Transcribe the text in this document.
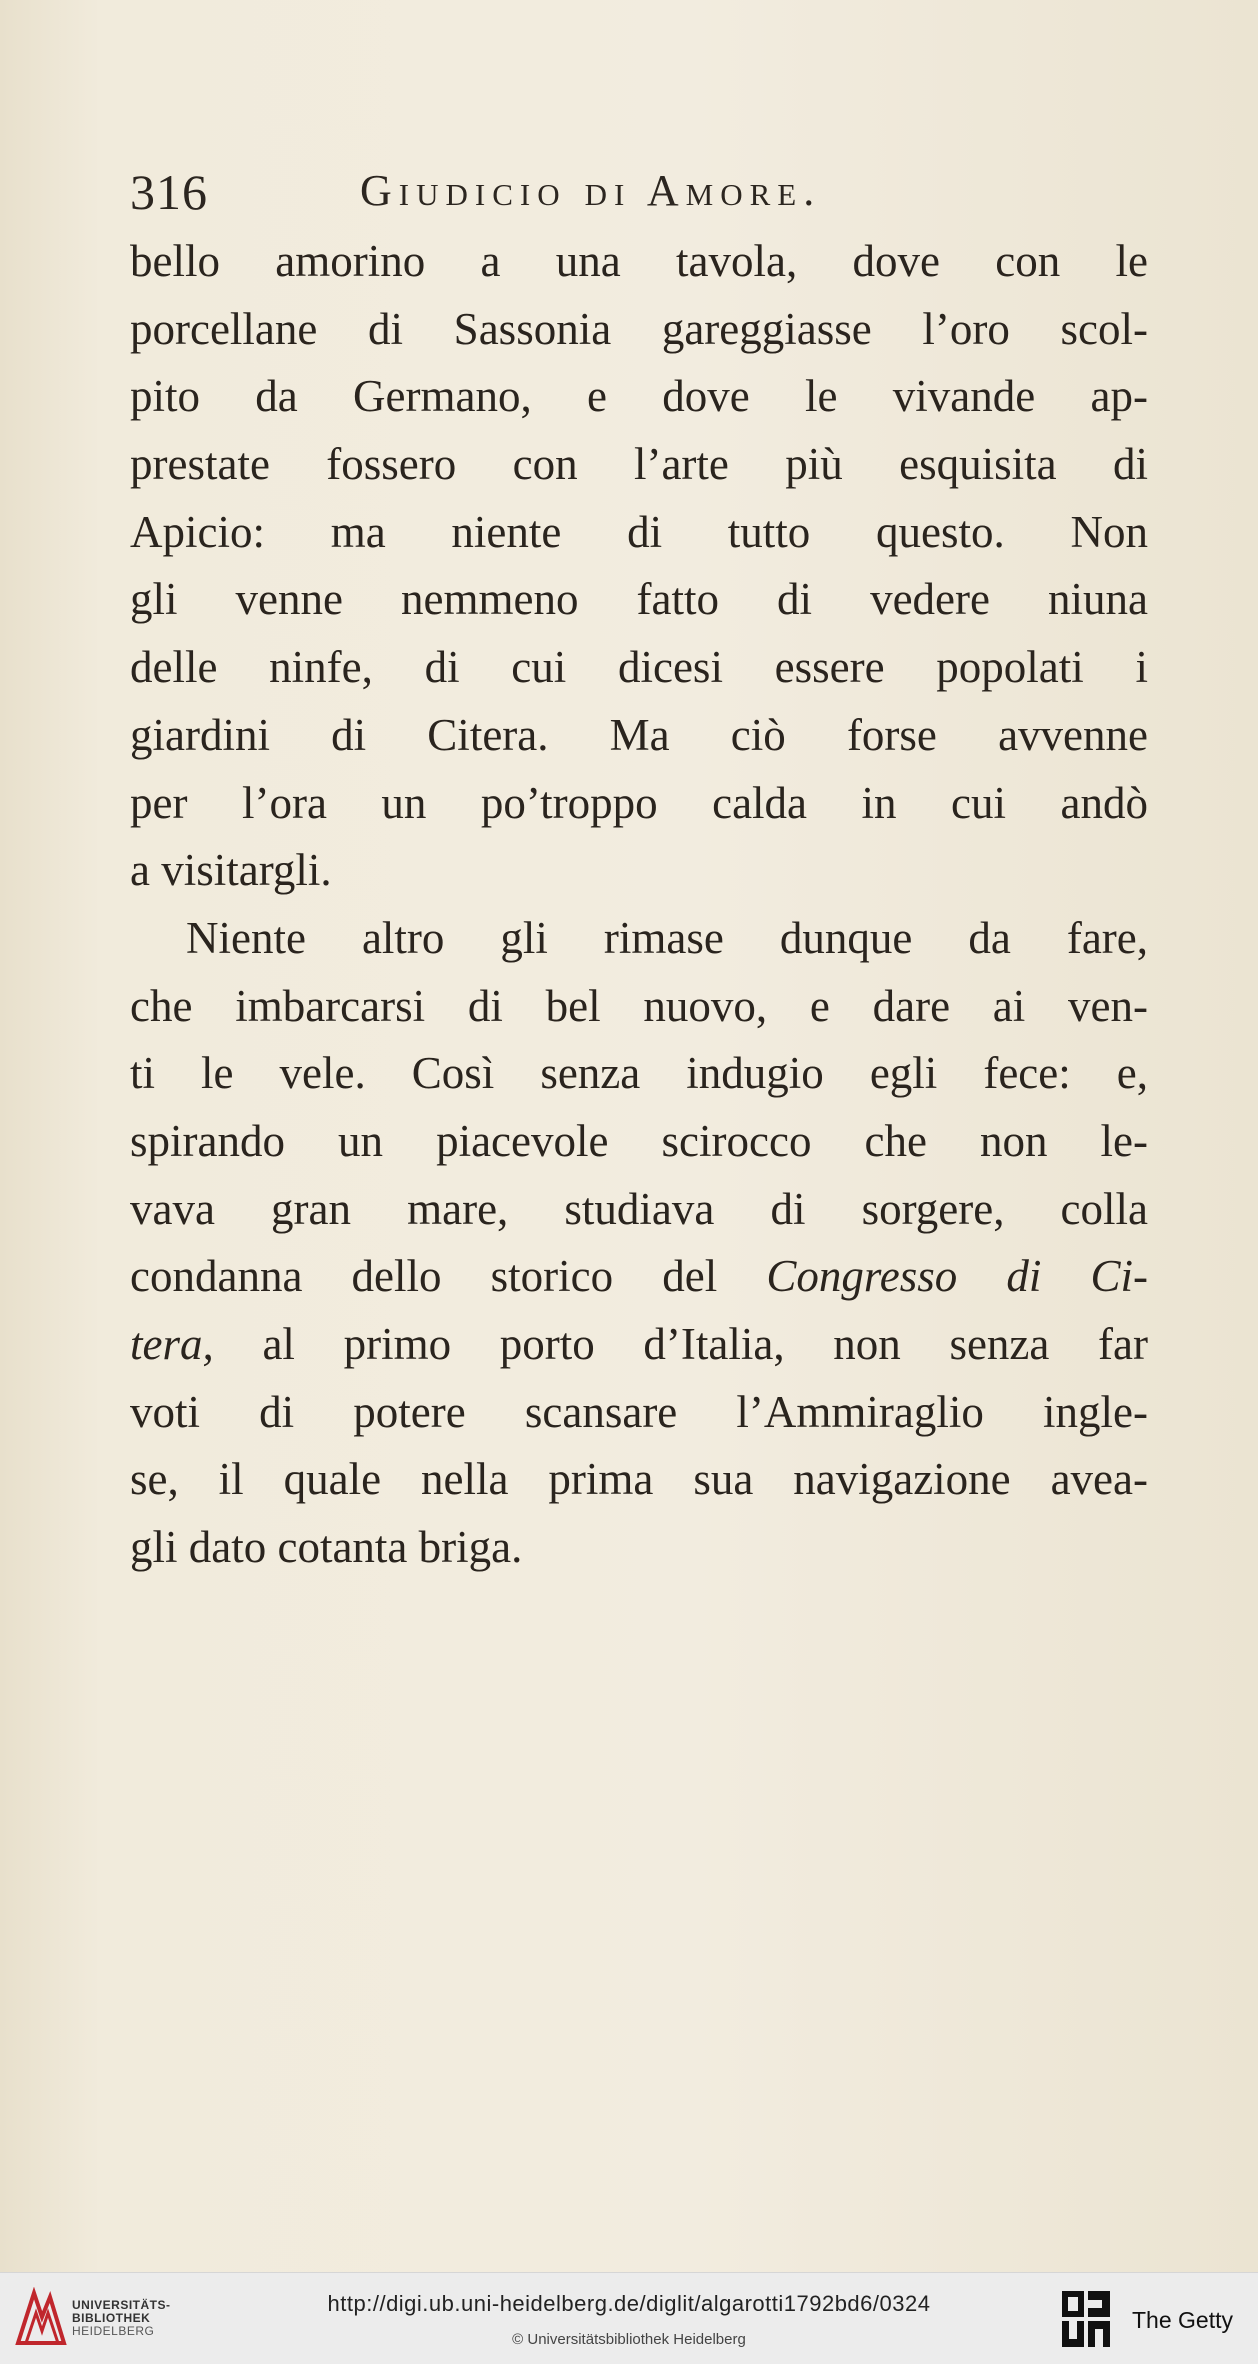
316	Giudicio di Amore.
bello amorino a una tavola, dove con le
porcellane di Sassonia gareggiasse l’oro scol-
pito da Germano, e dove le vivande ap-
prestate fossero con l’arte più esquisita di
Apicio: ma niente di tutto questo. Non
gli venne nemmeno fatto di vedere niuna
delle ninfe, di cui dicesi essere popolati i
giardini di Citera. Ma ciò forse avvenne
per l’ora un po’troppo calda in cui andò
a visitargli.
Niente altro gli rimase dunque da fare,
che imbarcarsi di bel nuovo, e dare ai ven-
ti le vele. Così senza indugio egli fece: e,
spirando un piacevole scirocco che non le-
vava gran mare, studiava di sorgere, colla
condanna dello storico del Congresso di Ci-
tera, al primo porto d’Italia, non senza far
voti di potere scansare l’Ammiraglio ingle-
se, il quale nella prima sua navigazione avea-
gli dato cotanta briga.
UNIVERSITÄTS-
BIBLIOTHEK
HEIDELBERG
http://digi.ub.uni-heidelberg.de/diglit/algarotti1792bd6/0324
© Universitätsbibliothek Heidelberg
The Getty
